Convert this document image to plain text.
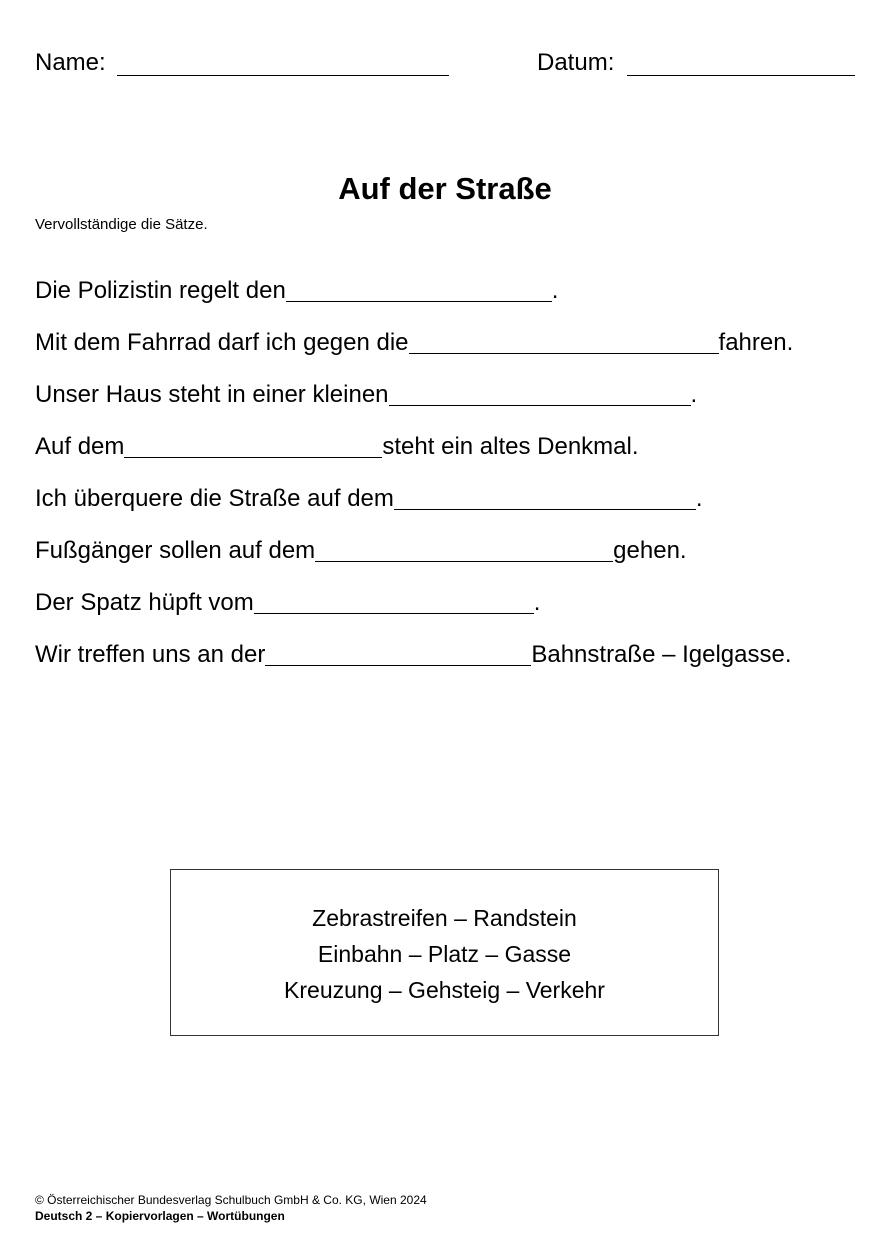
Name:	Datum:
Auf der Straße
Vervollständige die Sätze.
Die Polizistin regelt den	.
Mit dem Fahrrad darf ich gegen die	fahren.
Unser Haus steht in einer kleinen	.
Auf dem	steht ein altes Denkmal.
Ich überquere die Straße auf dem	.
Fußgänger sollen auf dem	gehen.
Der Spatz hüpft vom	.
Wir treffen uns an der	Bahnstraße – Igelgasse.
Zebrastreifen – Randstein
Einbahn – Platz – Gasse
Kreuzung – Gehsteig – Verkehr
© Österreichischer Bundesverlag Schulbuch GmbH & Co. KG, Wien 2024
Deutsch 2 – Kopiervorlagen – Wortübungen
